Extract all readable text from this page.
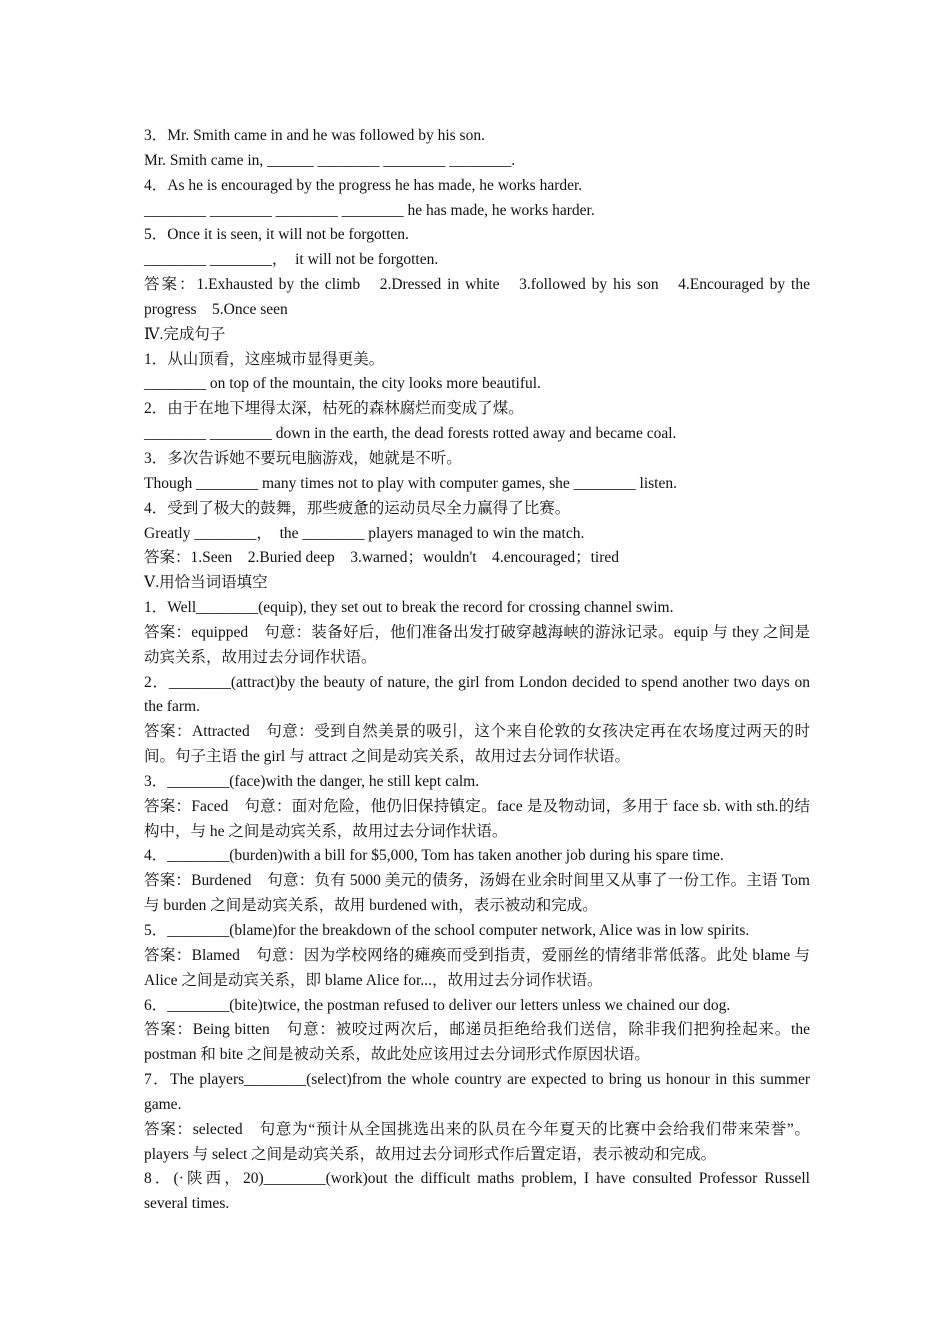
3．Mr. Smith came in and he was followed by his son.
Mr. Smith came in, ______ ________ ________ ________.
4．As he is encouraged by the progress he has made, he works harder.
________ ________ ________ ________ he has made, he works harder.
5．Once it is seen, it will not be forgotten.
________ ________，  it will not be forgotten.
答案：1.Exhausted by the climb　2.Dressed in white　3.followed by his son　4.Encouraged by the progress　5.Once seen
Ⅳ.完成句子
1．从山顶看，这座城市显得更美。
________ on top of the mountain, the city looks more beautiful.
2．由于在地下埋得太深，枯死的森林腐烂而变成了煤。
________ ________ down in the earth, the dead forests rotted away and became coal.
3．多次告诉她不要玩电脑游戏，她就是不听。
Though ________ many times not to play with computer games, she ________ listen.
4．受到了极大的鼓舞，那些疲惫的运动员尽全力赢得了比赛。
Greatly ________，  the ________ players managed to win the match.
答案：1.Seen　2.Buried deep　3.warned；wouldn't　4.encouraged；tired
Ⅴ.用恰当词语填空
1．Well________(equip), they set out to break the record for crossing channel swim.
答案：equipped　句意：装备好后，他们准备出发打破穿越海峡的游泳记录。equip 与 they 之间是动宾关系，故用过去分词作状语。
2．________(attract)by the beauty of nature, the girl from London decided to spend another two days on the farm.
答案：Attracted　句意：受到自然美景的吸引，这个来自伦敦的女孩决定再在农场度过两天的时间。句子主语 the girl 与 attract 之间是动宾关系，故用过去分词作状语。
3．________(face)with the danger, he still kept calm.
答案：Faced　句意：面对危险，他仍旧保持镇定。face 是及物动词，多用于 face sb. with sth.的结构中，与 he 之间是动宾关系，故用过去分词作状语。
4．________(burden)with a bill for $5,000, Tom has taken another job during his spare time.
答案：Burdened　句意：负有 5000 美元的债务，汤姆在业余时间里又从事了一份工作。主语 Tom 与 burden 之间是动宾关系，故用 burdened with，表示被动和完成。
5．________(blame)for the breakdown of the school computer network, Alice was in low spirits.
答案：Blamed　句意：因为学校网络的瘫痪而受到指责，爱丽丝的情绪非常低落。此处 blame 与 Alice 之间是动宾关系，即 blame Alice for...，故用过去分词作状语。
6．________(bite)twice, the postman refused to deliver our letters unless we chained our dog.
答案：Being bitten　句意：被咬过两次后，邮递员拒绝给我们送信，除非我们把狗拴起来。the postman 和 bite 之间是被动关系，故此处应该用过去分词形式作原因状语。
7．The players________(select)from the whole country are expected to bring us honour in this summer game.
答案：selected　句意为“预计从全国挑选出来的队员在今年夏天的比赛中会给我们带来荣誉”。players 与 select 之间是动宾关系，故用过去分词形式作后置定语，表示被动和完成。
8．(·陕西，20)________(work)out the difficult maths problem, I have consulted Professor Russell several times.
